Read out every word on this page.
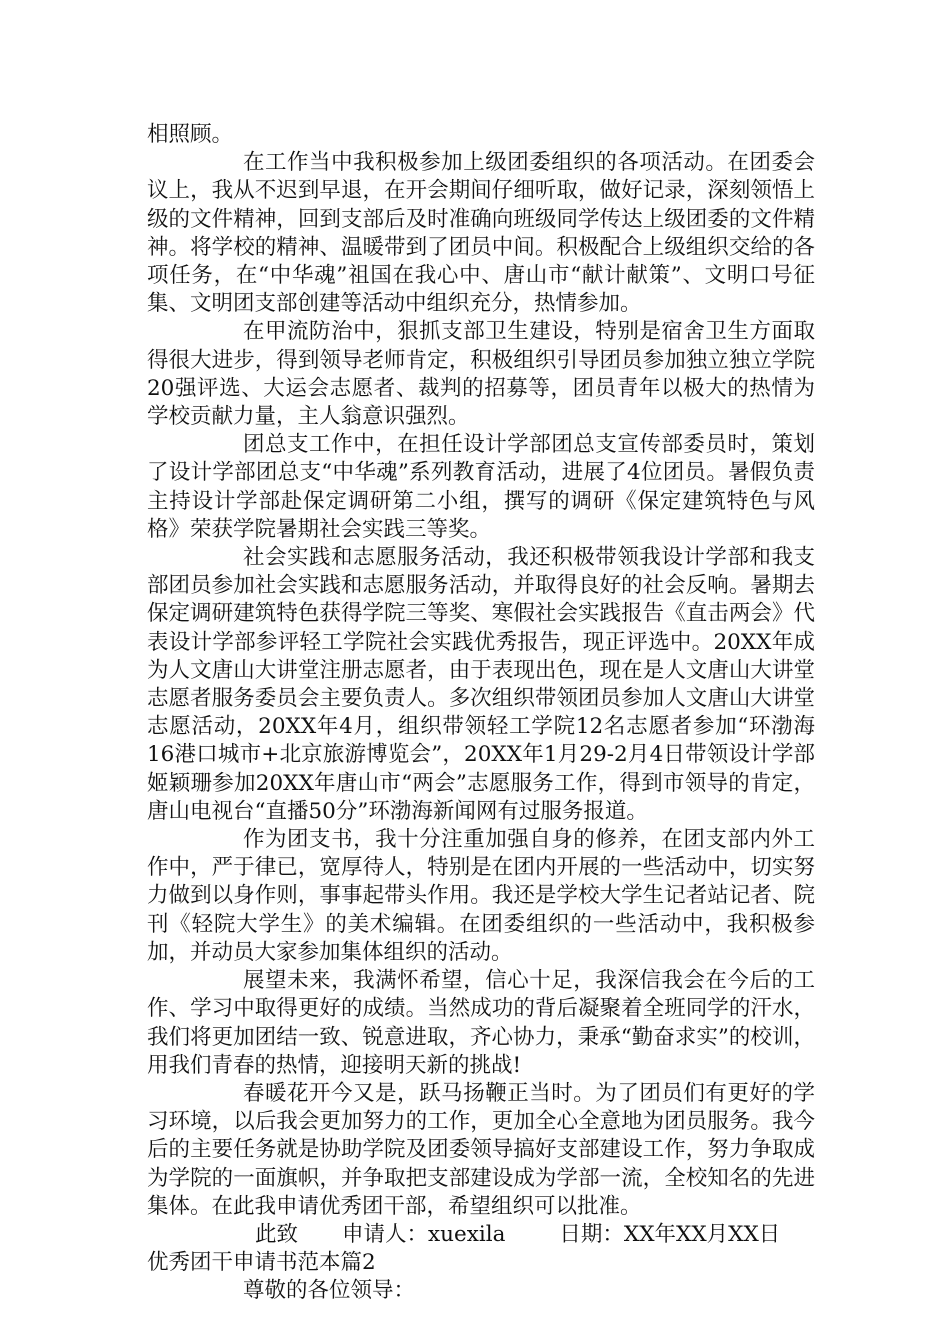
相照顾。

在工作当中我积极参加上级团委组织的各项活动。在团委会议上，我从不迟到早退，在开会期间仔细听取，做好记录，深刻领悟上级的文件精神，回到支部后及时准确向班级同学传达上级团委的文件精神。将学校的精神、温暖带到了团员中间。积极配合上级组织交给的各项任务，在“中华魂”祖国在我心中、唐山市“献计献策”、文明口号征集、文明团支部创建等活动中组织充分，热情参加。

在甲流防治中，狠抓支部卫生建设，特别是宿舍卫生方面取得很大进步，得到领导老师肯定，积极组织引导团员参加独立独立学院20强评选、大运会志愿者、裁判的招募等，团员青年以极大的热情为学校贡献力量，主人翁意识强烈。

团总支工作中，在担任设计学部团总支宣传部委员时，策划了设计学部团总支“中华魂”系列教育活动，进展了4位团员。暑假负责主持设计学部赴保定调研第二小组，撰写的调研《保定建筑特色与风格》荣获学院暑期社会实践三等奖。

社会实践和志愿服务活动，我还积极带领我设计学部和我支部团员参加社会实践和志愿服务活动，并取得良好的社会反响。暑期去保定调研建筑特色获得学院三等奖、寒假社会实践报告《直击两会》代表设计学部参评轻工学院社会实践优秀报告，现正评选中。20XX年成为人文唐山大讲堂注册志愿者，由于表现出色，现在是人文唐山大讲堂志愿者服务委员会主要负责人。多次组织带领团员参加人文唐山大讲堂志愿活动，20XX年4月，组织带领轻工学院12名志愿者参加“环渤海16港口城市+北京旅游博览会”，20XX年1月29-2月4日带领设计学部姬颖珊参加20XX年唐山市“两会”志愿服务工作，得到市领导的肯定，唐山电视台“直播50分”环渤海新闻网有过服务报道。

作为团支书，我十分注重加强自身的修养，在团支部内外工作中，严于律已，宽厚待人，特别是在团内开展的一些活动中，切实努力做到以身作则，事事起带头作用。我还是学校大学生记者站记者、院刊《轻院大学生》的美术编辑。在团委组织的一些活动中，我积极参加，并动员大家参加集体组织的活动。

展望未来，我满怀希望，信心十足，我深信我会在今后的工作、学习中取得更好的成绩。当然成功的背后凝聚着全班同学的汗水，我们将更加团结一致、锐意进取，齐心协力，秉承“勤奋求实”的校训，用我们青春的热情，迎接明天新的挑战!

春暖花开今又是，跃马扬鞭正当时。为了团员们有更好的学习环境，以后我会更加努力的工作，更加全心全意地为团员服务。我今后的主要任务就是协助学院及团委领导搞好支部建设工作，努力争取成为学院的一面旗帜，并争取把支部建设成为学部一流，全校知名的先进集体。在此我申请优秀团干部，希望组织可以批准。

此致 申请人：xuexila	日期：XX年XX月XX日

优秀团干申请书范本篇2

尊敬的各位领导：
